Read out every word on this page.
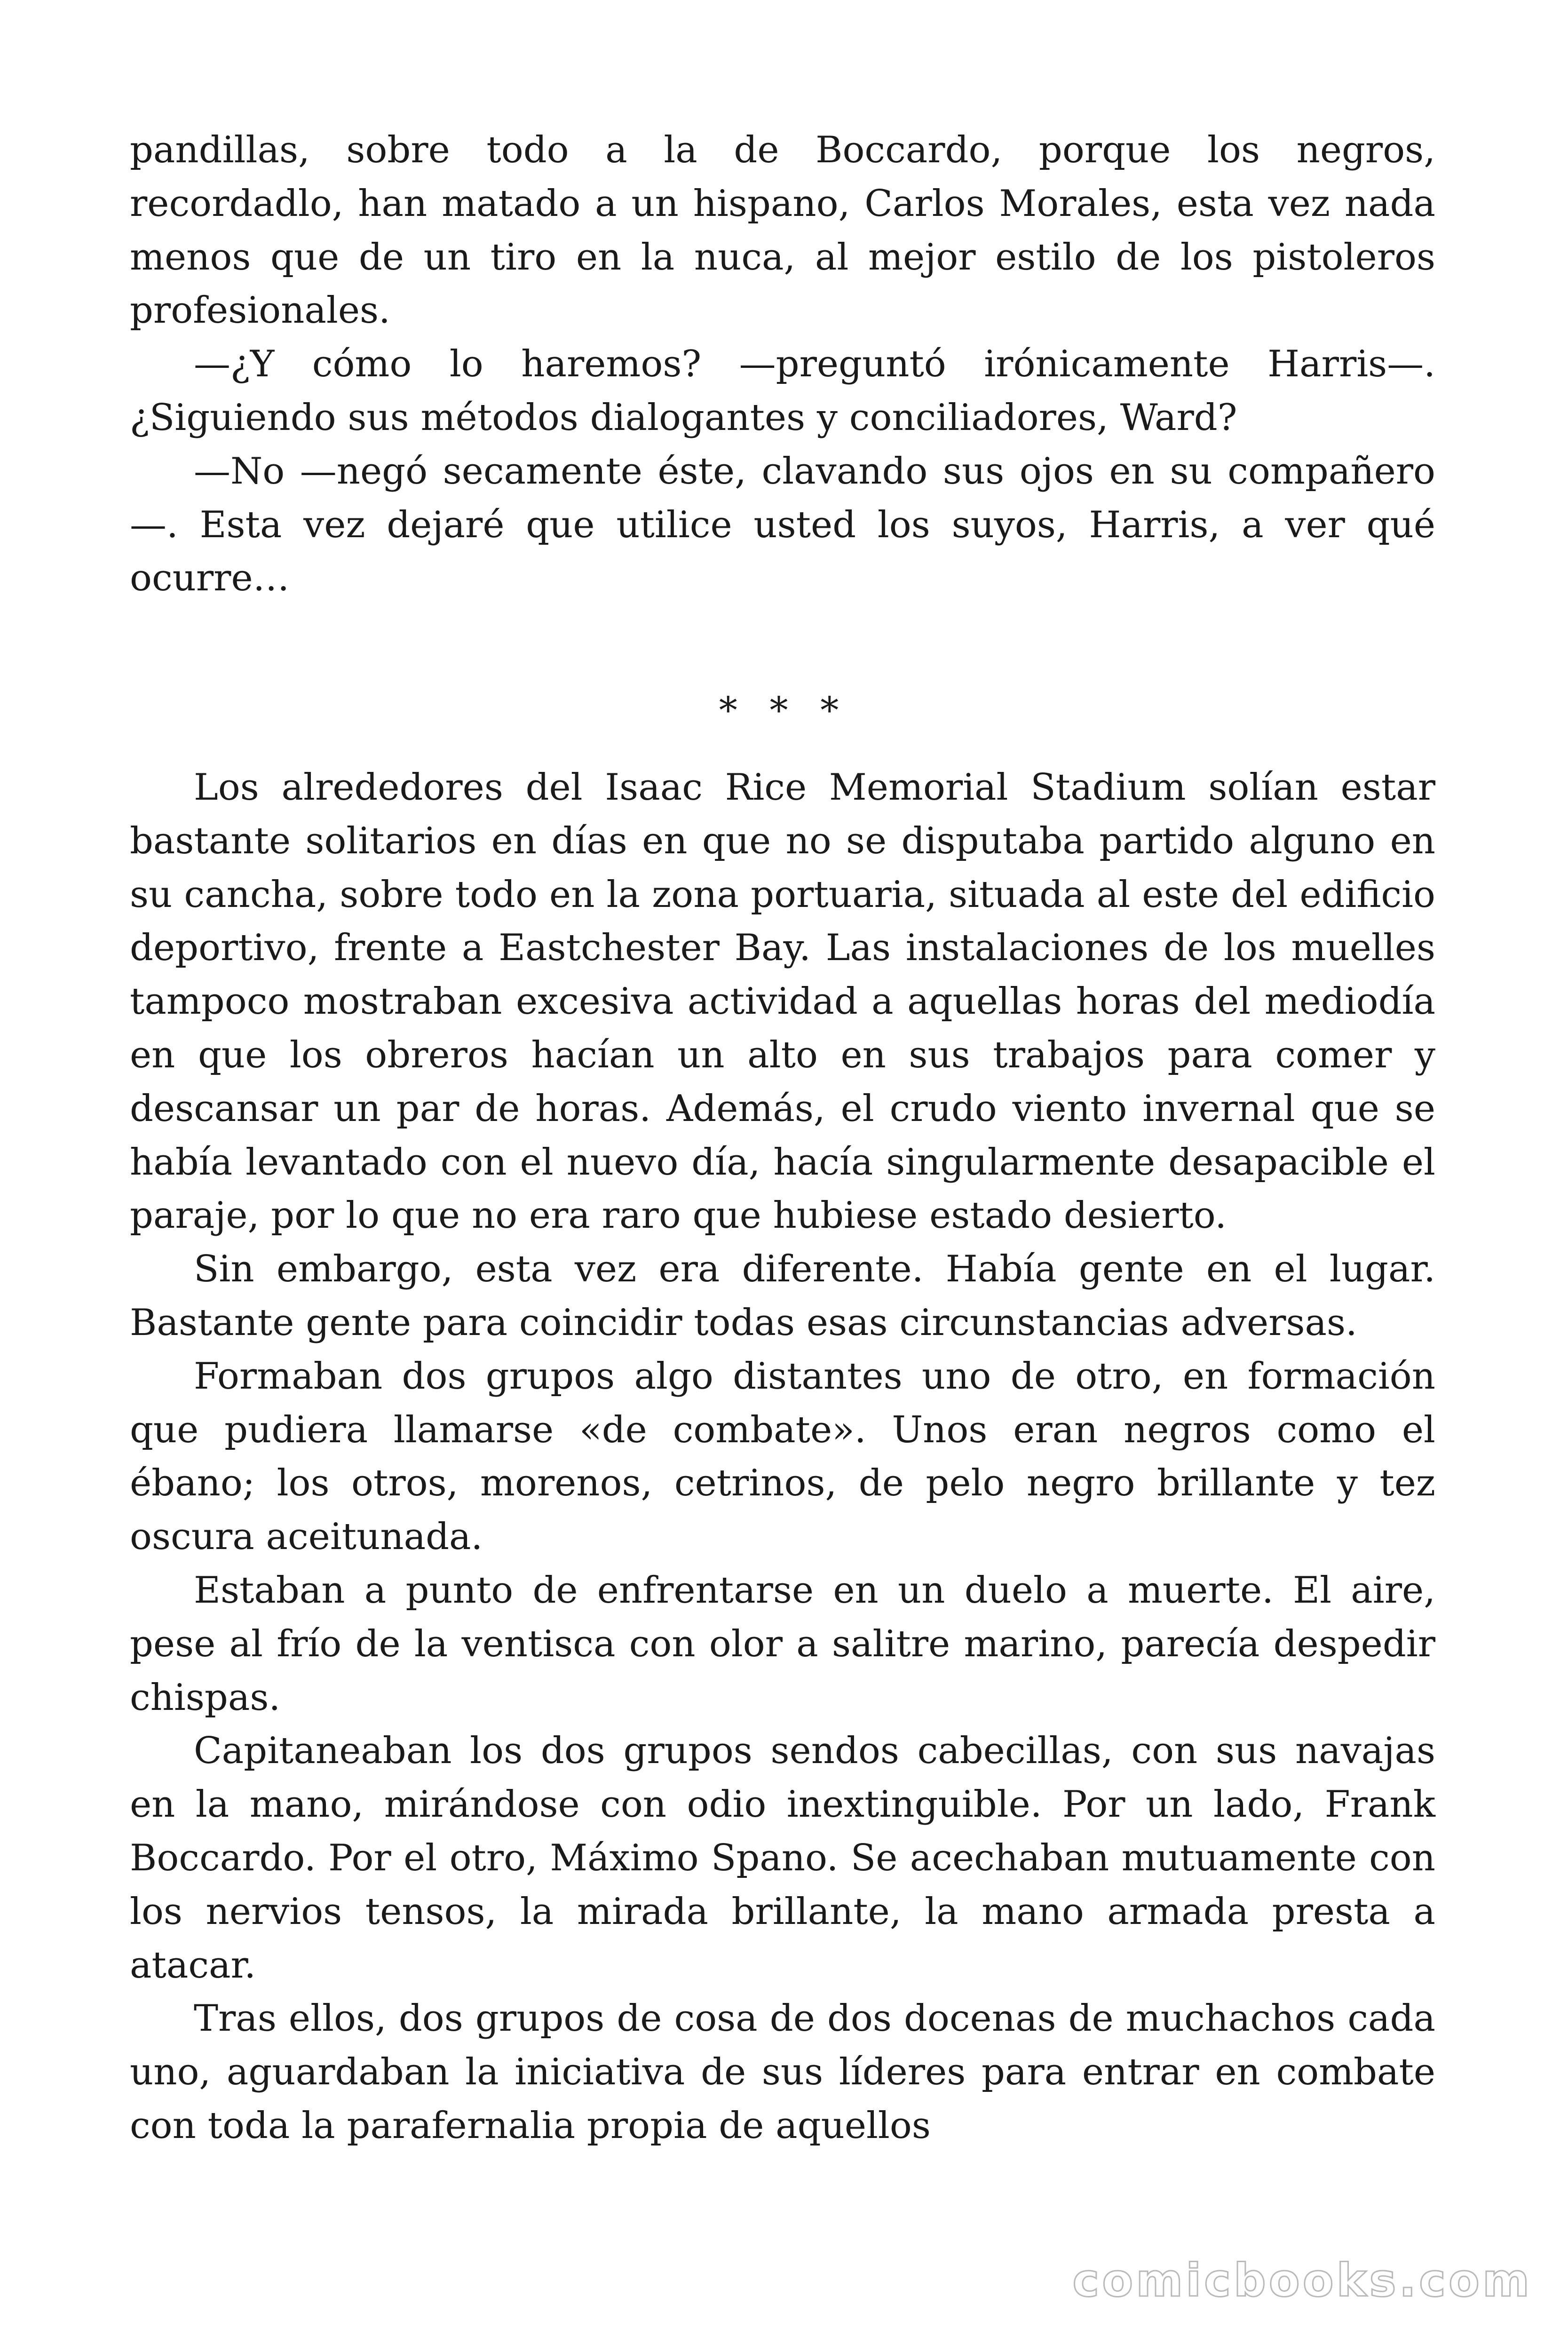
pandillas, sobre todo a la de Boccardo, porque los negros, recordadlo, han matado a un hispano, Carlos Morales, esta vez nada menos que de un tiro en la nuca, al mejor estilo de los pistoleros profesionales.

—¿Y cómo lo haremos? —preguntó irónicamente Harris—. ¿Siguiendo sus métodos dialogantes y conciliadores, Ward?

—No —negó secamente éste, clavando sus ojos en su compañero —. Esta vez dejaré que utilice usted los suyos, Harris, a ver qué ocurre…

* * *

Los alrededores del Isaac Rice Memorial Stadium solían estar bastante solitarios en días en que no se disputaba partido alguno en su cancha, sobre todo en la zona portuaria, situada al este del edificio deportivo, frente a Eastchester Bay. Las instalaciones de los muelles tampoco mostraban excesiva actividad a aquellas horas del mediodía en que los obreros hacían un alto en sus trabajos para comer y descansar un par de horas. Además, el crudo viento invernal que se había levantado con el nuevo día, hacía singularmente desapacible el paraje, por lo que no era raro que hubiese estado desierto.

Sin embargo, esta vez era diferente. Había gente en el lugar. Bastante gente para coincidir todas esas circunstancias adversas.

Formaban dos grupos algo distantes uno de otro, en formación que pudiera llamarse «de combate». Unos eran negros como el ébano; los otros, morenos, cetrinos, de pelo negro brillante y tez oscura aceitunada.

Estaban a punto de enfrentarse en un duelo a muerte. El aire, pese al frío de la ventisca con olor a salitre marino, parecía despedir chispas.

Capitaneaban los dos grupos sendos cabecillas, con sus navajas en la mano, mirándose con odio inextinguible. Por un lado, Frank Boccardo. Por el otro, Máximo Spano. Se acechaban mutuamente con los nervios tensos, la mirada brillante, la mano armada presta a atacar.

Tras ellos, dos grupos de cosa de dos docenas de muchachos cada uno, aguardaban la iniciativa de sus líderes para entrar en combate con toda la parafernalia propia de aquellos

comicbooks.com
